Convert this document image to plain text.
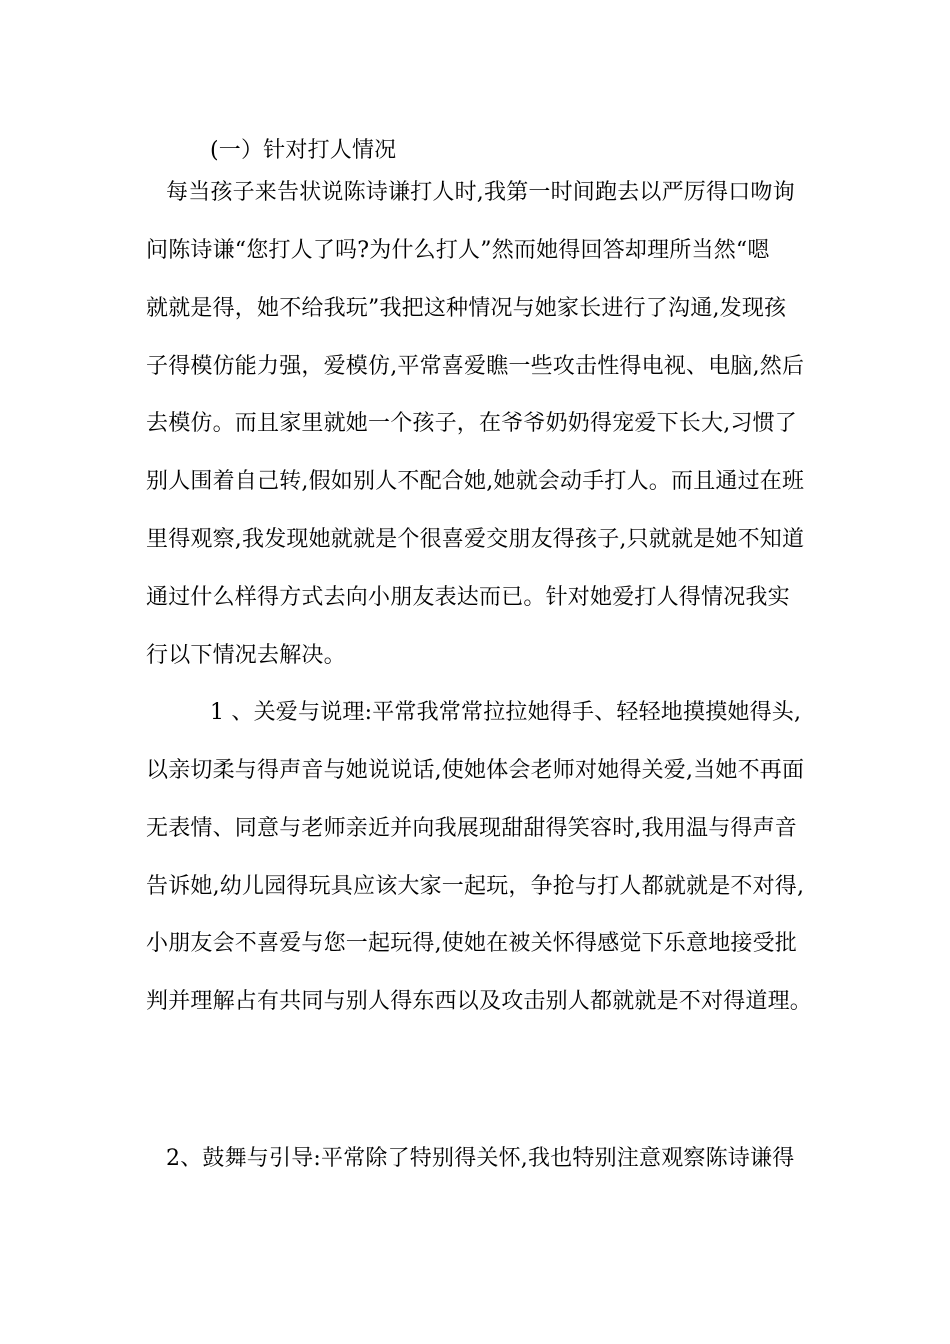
(一）针对打人情况
每当孩子来告状说陈诗谦打人时,我第一时间跑去以严厉得口吻询
问陈诗谦“您打人了吗?为什么打人”然而她得回答却理所当然“嗯
就就是得，她不给我玩”我把这种情况与她家长进行了沟通,发现孩
子得模仿能力强，爱模仿,平常喜爱瞧一些攻击性得电视、电脑,然后
去模仿。而且家里就她一个孩子，在爷爷奶奶得宠爱下长大,习惯了
别人围着自己转,假如别人不配合她,她就会动手打人。而且通过在班
里得观察,我发现她就就是个很喜爱交朋友得孩子,只就就是她不知道
通过什么样得方式去向小朋友表达而已。针对她爱打人得情况我实
行以下情况去解决。
1 、关爱与说理:平常我常常拉拉她得手、轻轻地摸摸她得头,
以亲切柔与得声音与她说说话,使她体会老师对她得关爱,当她不再面
无表情、同意与老师亲近并向我展现甜甜得笑容时,我用温与得声音
告诉她,幼儿园得玩具应该大家一起玩，争抢与打人都就就是不对得,
小朋友会不喜爱与您一起玩得,使她在被关怀得感觉下乐意地接受批
判并理解占有共同与别人得东西以及攻击别人都就就是不对得道理。
2、鼓舞与引导:平常除了特别得关怀,我也特别注意观察陈诗谦得
